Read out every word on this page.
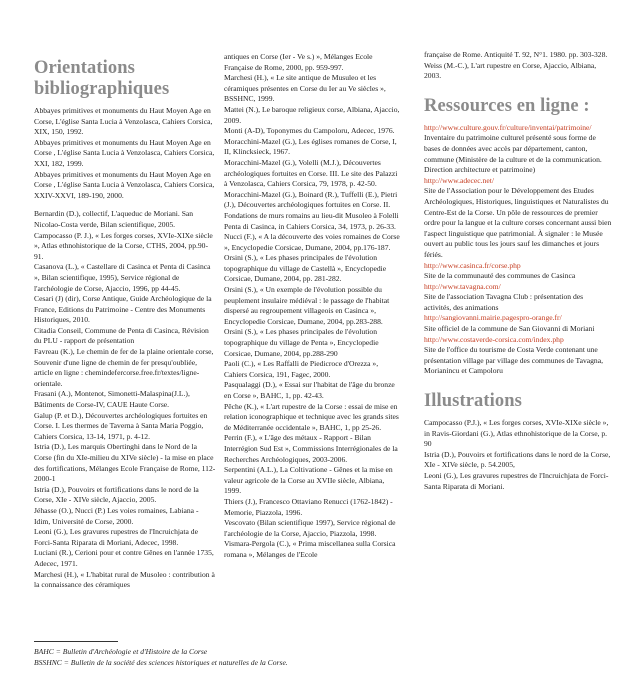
Orientations bibliographiques

Abbayes primitives et monuments du Haut Moyen Age en Corse, L'église Santa Lucia à Venzolasca, Cahiers Corsica, XIX, 150, 1992.

Abbayes primitives et monuments du Haut Moyen Age en Corse , L'église Santa Lucia à Venzolasca, Cahiers Corsica, XXI, 182, 1999.

Abbayes primitives et monuments du Haut Moyen Age en Corse , L'église Santa Lucia à Venzolasca, Cahiers Corsica, XXIV-XXVI, 189-190, 2000.

Bernardin (D.), collectif, L'aqueduc de Moriani. San Nicolao-Costa verde, Bilan scientifique, 2005.

Campocasso (P. J.), « Les forges corses, XVIe-XIXe siècle », Atlas ethnohistorique de la Corse, CTHS, 2004, pp.90-91.

Casanova (L.), « Castellare di Casinca et Penta di Casinca », Bilan scientifique, 1995), Service régional de l'archéologie de Corse, Ajaccio, 1996, pp 44-45.

Cesari (J) (dir), Corse Antique, Guide Archéologique de la France, Editions du Patrimoine - Centre des Monuments Historiques, 2010.

Citadia Conseil, Commune de Penta di Casinca, Révision du PLU - rapport de présentation

Favreau (K.), Le chemin de fer de la plaine orientale corse, Souvenir d'une ligne de chemin de fer presqu'oubliée, article en ligne : chemindefercorse.free.fr/textes/ligne-orientale.

Frasani (A.), Montenot, Simonetti-Malaspina(J.L.), Bâtiments de Corse-IV, CAUE Haute Corse.

Galup (P. et D.), Découvertes archéologiques fortuites en Corse. I. Les thermes de Taverna à Santa Maria Poggio, Cahiers Corsica, 13-14, 1971, p. 4-12.

Istria (D.), Les marquis Obertinghi dans le Nord de la Corse (fin du XIe-milieu du XIVe siècle) - la mise en place des fortifications, Mélanges Ecole Française de Rome, 112-2000-1

Istria (D.), Pouvoirs et fortifications dans le nord de la Corse, XIe - XIVe siècle, Ajaccio, 2005.

Jéhasse (O.), Nucci (P.) Les voies romaines, Labiana - Idim, Université de Corse, 2000.

Leoni (G.), Les gravures rupestres de l'Incruichjata de Forci-Santa Riparata di Moriani, Adecec, 1998.

Luciani (R.), Cerioni pour et contre Gênes en l'année 1735, Adecec, 1971.

Marchesi (H.), « L'habitat rural de Musoleo : contribution à la connaissance des céramiques

antiques en Corse (Ier - Ve s.) », Mélanges Ecole Française de Rome, 2000, pp. 959-997.

Marchesi (H.), « Le site antique de Musuleo et les céramiques présentes en Corse du Ier au Ve siècles », BSSHNC, 1999.

Mattei (N.), Le baroque religieux corse, Albiana, Ajaccio, 2009.

Monti (A-D), Toponymes du Campoloru, Adecec, 1976.

Moracchini-Mazel (G.), Les églises romanes de Corse, I, II, Klincksieck, 1967.

Moracchini-Mazel (G.), Volelli (M.J.), Découvertes archéologiques fortuites en Corse. III. Le site des Palazzi à Venzolasca, Cahiers Corsica, 79, 1978, p. 42-50.

Moracchini-Mazel (G.), Boinard (R.), Tuffelli (E.), Pietri (J.), Découvertes archéologiques fortuites en Corse. II. Fondations de murs romains au lieu-dit Musoleo à Folelli Penta di Casinca, in Cahiers Corsica, 34, 1973, p. 26-33.

Nucci (F.), « A la découverte des voies romaines de Corse », Encyclopedie Corsicae, Dumane, 2004, pp.176-187.

Orsini (S.), « Les phases principales de l'évolution topographique du village de Castellà », Encyclopedie Corsicae, Dumane, 2004, pp. 281-282.

Orsini (S.), « Un exemple de l'évolution possible du peuplement insulaire médiéval : le passage de l'habitat dispersé au regroupement villageois en Casinca », Encyclopedie Corsicae, Dumane, 2004, pp.283-288.

Orsini (S.), « Les phases principales de l'évolution topographique du village de Penta », Encyclopedie Corsicae, Dumane, 2004, pp.288-290

Paoli (C.), « Les Raffalli de Piedicroce d'Orezza », Cahiers Corsica, 191, Fagec, 2000.

Pasqualaggi (D.), « Essai sur l'habitat de l'âge du bronze en Corse », BAHC, 1, pp. 42-43.

Pêche (K.), « L'art rupestre de la Corse : essai de mise en relation iconographique et technique avec les grands sites de Méditerranée occidentale », BAHC, 1, pp 25-26.

Perrin (F.), « L'âge des métaux - Rapport - Bilan Interrégion Sud Est », Commissions Interrégionales de la Recherches Archéologiques, 2003-2006.

Serpentini (A.L.), La Coltivatione - Gênes et la mise en valeur agricole de la Corse au XVIIe siècle, Albiana, 1999.

Thiers (J.), Francesco Ottaviano Renucci (1762-1842) - Memorie, Piazzola, 1996.

Vescovato (Bilan scientifique 1997), Service régional de l'archéologie de la Corse, Ajaccio, Piazzola, 1998.

Vismara-Pergola (C.), « Prima miscellanea sulla Corsica romana », Mélanges de l'Ecole

française de Rome. Antiquité T. 92, N°1. 1980. pp. 303-328.

Weiss (M.-C.), L'art rupestre en Corse, Ajaccio, Albiana, 2003.

Ressources en ligne :
http://www.culture.gouv.fr/culture/inventai/patrimoine/

Inventaire du patrimoine culturel présenté sous forme de bases de données avec accès par département, canton, commune (Ministère de la culture et de la communication. Direction architecture et patrimoine)

http://www.adecec.net/

Site de l'Association pour le Développement des Etudes Archéologiques, Historiques, linguistiques et Naturalistes du Centre-Est de la Corse. Un pôle de ressources de premier ordre pour la langue et la culture corses concernant aussi bien l'aspect linguistique que patrimonial. À signaler : le Musée ouvert au public tous les jours sauf les dimanches et jours fériés.

http://www.casinca.fr/corse.php

Site de la communauté des communes de Casinca

http://www.tavagna.com/

Site de l'association Tavagna Club : présentation des activités, des animations

http://sangiovanni.mairie.pagespro-orange.fr/

Site officiel de la commune de San Giovanni di Moriani

http://www.costaverde-corsica.com/index.php

Site de l'office du tourisme de Costa Verde contenant une présentation village par village des communes de Tavagna, Morianincu et Campoloru

Illustrations

Campocasso (P.J.), « Les forges corses, XVIe-XIXe siècle », in Ravis-Giordani (G.), Atlas ethnohistorique de la Corse, p. 90

Istria (D.), Pouvoirs et fortifications dans le nord de la Corse, XIe - XIVe siècle, p. 54.2005,

Leoni (G.), Les gravures rupestres de l'Incruichjata de Forci-Santa Riparata di Moriani.

BAHC = Bulletin d'Archéologie et d'Histoire de la Corse

BSSHNC = Bulletin de la société des sciences historiques et naturelles de la Corse.
